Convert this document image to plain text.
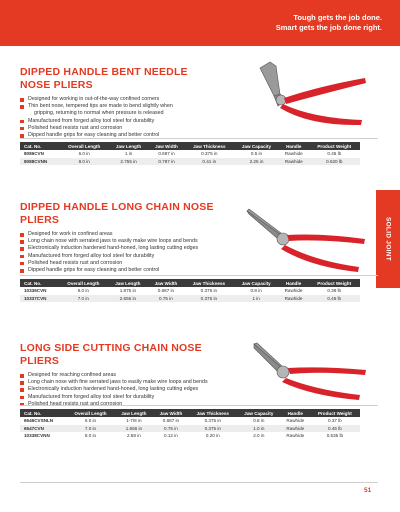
Tough gets the job done.
Smart gets the job done right.
SOLID JOINT
DIPPED HANDLE BENT NEEDLE NOSE PLIERS
Designed for working in out-of-the-way confined corners
Thin bent nose, tempered tips are made to bend slightly when
gripping, returning to normal when pressure is released
Manufactured from forged alloy tool steel for durability
Polished head resists rust and corrosion
Dipped handle grips for easy cleaning and better control
Cat. No.	Overall Length	Jaw Length	Jaw Width	Jaw Thickness	Jaw Capacity	Handle	Product Weight
8086CVN	6.0 in	1 in	0.687 in	0.375 in	0.5 in	Rawhide	0.46 lb
8088CVNN	8.0 in	2.755 in	0.787 in	0.41 in	2.25 in	Rawhide	0.620 lb
DIPPED HANDLE LONG CHAIN NOSE PLIERS
Designed for work in confined areas
Long chain nose with serrated jaws to easily make wire loops and bends
Electronically induction hardened hand-honed, long lasting cutting edges
Manufactured from forged alloy tool steel for durability
Polished head resists rust and corrosion
Dipped handle grips for easy cleaning and better control
Cat. No.	Overall Length	Jaw Length	Jaw Width	Jaw Thickness	Jaw Capacity	Handle	Product Weight
10336CVN	6.0 in	1.875 in	0.687 in	0.375 in	0.8 in	Rawhide	0.38 lb
10337CVN	7.0 in	2.656 in	0.75 in	0.375 in	1 in	Rawhide	0.46 lb
LONG SIDE CUTTING CHAIN NOSE PLIERS
Designed for reaching confined areas
Long chain nose with fine serrated jaws to easily make wire loops and bends
Electronically induction hardened hand-honed, long lasting cutting edges
Manufactured from forged alloy tool steel for durability
Polished head resists rust and corrosion
Cat. No.	Overall Length	Jaw Length	Jaw Width	Jaw Thickness	Jaw Capacity	Handle	Product Weight
6546CVSNLN	6.0 in	1-7/8 in	0.687 in	0.375 in	0.8 in	Rawhide	0.37 lb
6547CVN	7.0 in	1.656 in	0.75 in	0.375 in	1.0 in	Rawhide	0.45 lb
10338CVNN	8.0 in	2.58 in	0.12 in	0.20 in	2.0 in	Rawhide	0.535 lb
51
